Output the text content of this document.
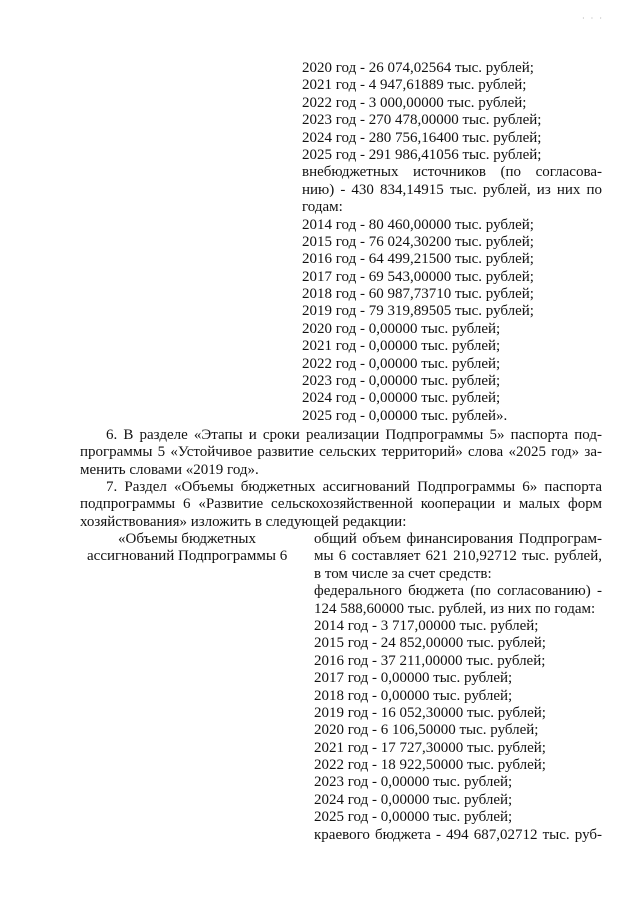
· · ·
2020 год - 26 074,02564 тыс. рублей;
2021 год - 4 947,61889 тыс. рублей;
2022 год - 3 000,00000 тыс. рублей;
2023 год - 270 478,00000 тыс. рублей;
2024 год - 280 756,16400 тыс. рублей;
2025 год - 291 986,41056 тыс. рублей;
внебюджетных источников (по согласова-
нию) - 430 834,14915 тыс. рублей, из них по
годам:
2014 год - 80 460,00000 тыс. рублей;
2015 год - 76 024,30200 тыс. рублей;
2016 год - 64 499,21500 тыс. рублей;
2017 год - 69 543,00000 тыс. рублей;
2018 год - 60 987,73710 тыс. рублей;
2019 год - 79 319,89505 тыс. рублей;
2020 год - 0,00000 тыс. рублей;
2021 год - 0,00000 тыс. рублей;
2022 год - 0,00000 тыс. рублей;
2023 год - 0,00000 тыс. рублей;
2024 год - 0,00000 тыс. рублей;
2025 год - 0,00000 тыс. рублей».
6. В разделе «Этапы и сроки реализации Подпрограммы 5» паспорта под-
программы 5 «Устойчивое развитие сельских территорий» слова «2025 год» за-
менить словами «2019 год».
7. Раздел «Объемы бюджетных ассигнований Подпрограммы 6» паспорта
подпрограммы 6 «Развитие сельскохозяйственной кооперации и малых форм
хозяйствования» изложить в следующей редакции:
«Объемы бюджетных
ассигнований Подпрограммы 6
общий объем финансирования Подпрограм-
мы 6 составляет 621 210,92712 тыс. рублей,
в том числе за счет средств:
федерального бюджета (по согласованию) -
124 588,60000 тыс. рублей, из них по годам:
2014 год - 3 717,00000 тыс. рублей;
2015 год - 24 852,00000 тыс. рублей;
2016 год - 37 211,00000 тыс. рублей;
2017 год - 0,00000 тыс. рублей;
2018 год - 0,00000 тыс. рублей;
2019 год - 16 052,30000 тыс. рублей;
2020 год - 6 106,50000 тыс. рублей;
2021 год - 17 727,30000 тыс. рублей;
2022 год - 18 922,50000 тыс. рублей;
2023 год - 0,00000 тыс. рублей;
2024 год - 0,00000 тыс. рублей;
2025 год - 0,00000 тыс. рублей;
краевого бюджета - 494 687,02712 тыс. руб-
